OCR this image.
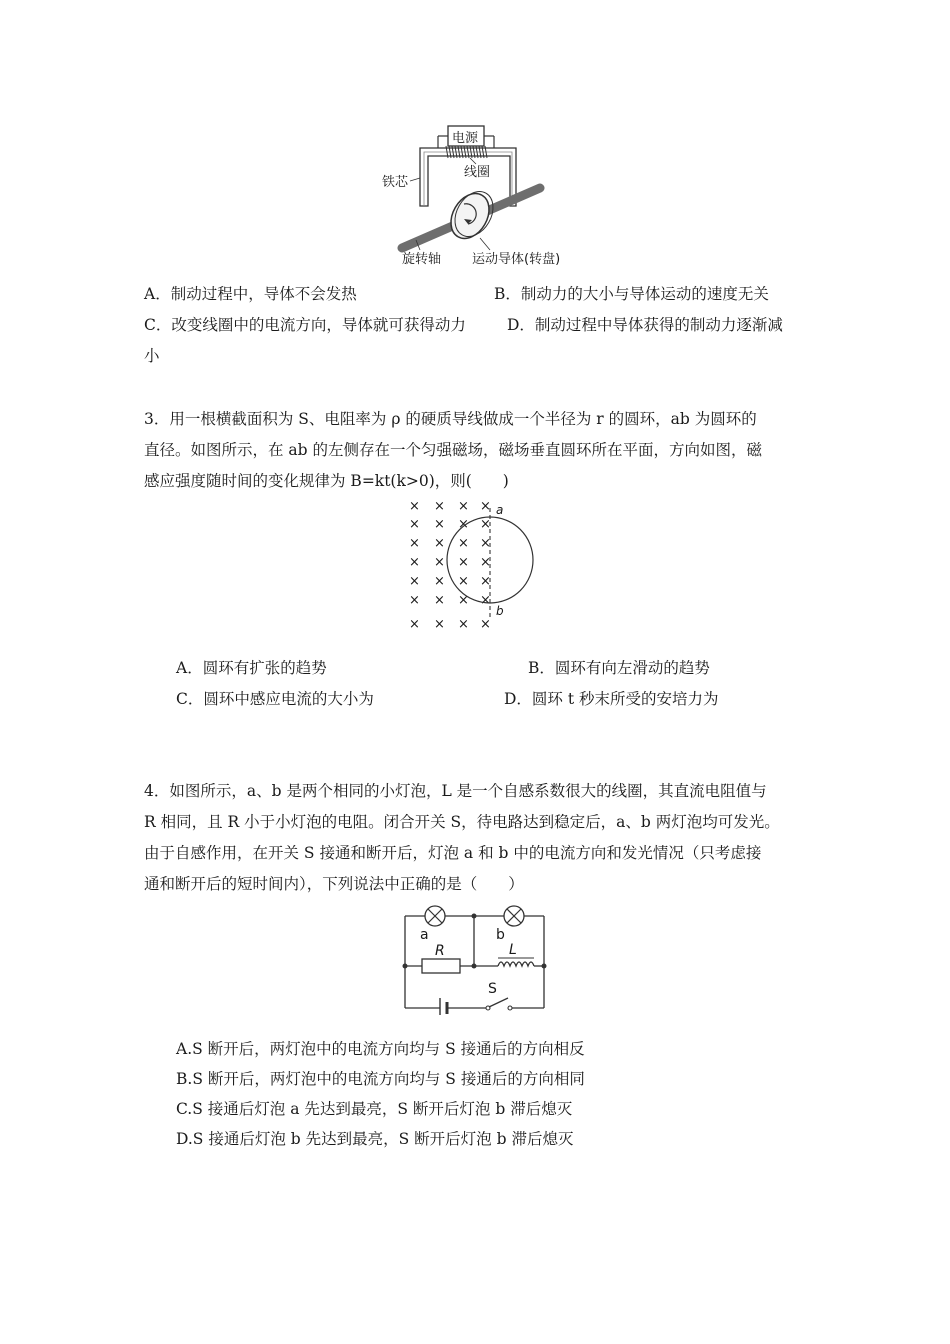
电源
线圈
铁芯
旋转轴 运动导体(转盘)
A．制动过程中，导体不会发热	B．制动力的大小与导体运动的速度无关
C．改变线圈中的电流方向，导体就可获得动力	D．制动过程中导体获得的制动力逐渐减
小
3．用一根横截面积为 S、电阻率为 ρ 的硬质导线做成一个半径为 r 的圆环，ab 为圆环的
直径。如图所示，在 ab 的左侧存在一个匀强磁场，磁场垂直圆环所在平面，方向如图，磁
感应强度随时间的变化规律为 B=kt(k>0)，则(　　)
× × × ×
× × × ×
× × × ×
× × × ×
× × × ×
× × × ×
× × × ×
a
b
A．圆环有扩张的趋势	B．圆环有向左滑动的趋势
C．圆环中感应电流的大小为	D．圆环 t 秒末所受的安培力为
4．如图所示，a、b 是两个相同的小灯泡，L 是一个自感系数很大的线圈，其直流电阻值与
R 相同，且 R 小于小灯泡的电阻。闭合开关 S，待电路达到稳定后，a、b 两灯泡均可发光。
由于自感作用，在开关 S 接通和断开后，灯泡 a 和 b 中的电流方向和发光情况（只考虑接
通和断开后的短时间内），下列说法中正确的是（　　）
a	b
R	L
S
A.S 断开后，两灯泡中的电流方向均与 S 接通后的方向相反
B.S 断开后，两灯泡中的电流方向均与 S 接通后的方向相同
C.S 接通后灯泡 a 先达到最亮，S 断开后灯泡 b 滞后熄灭
D.S 接通后灯泡 b 先达到最亮，S 断开后灯泡 b 滞后熄灭
